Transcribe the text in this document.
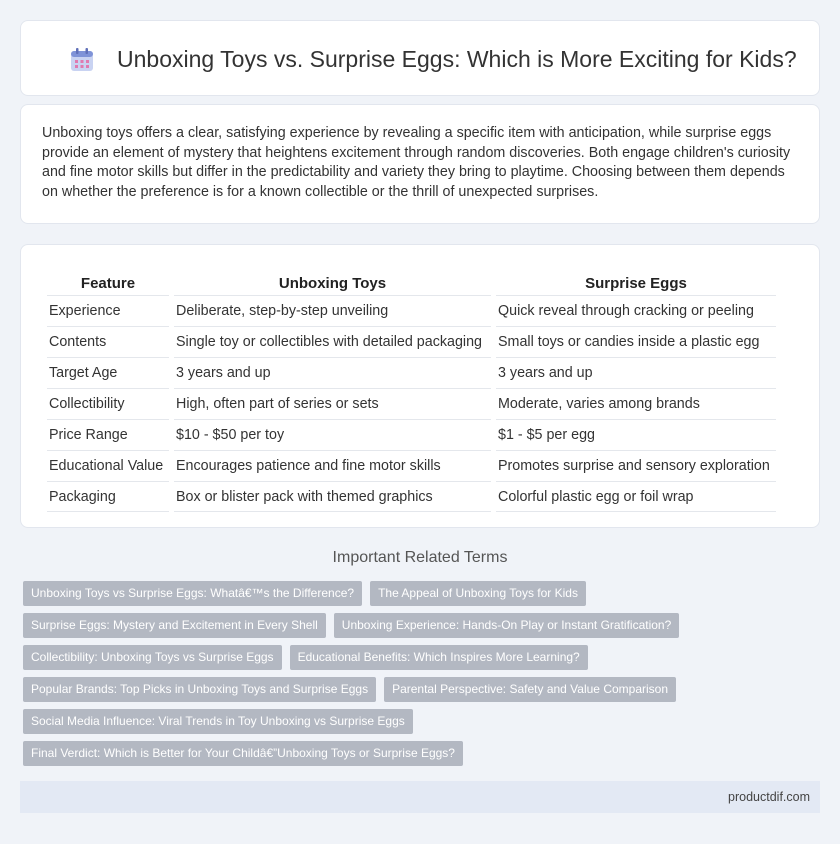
Unboxing Toys vs. Surprise Eggs: Which is More Exciting for Kids?

Unboxing toys offers a clear, satisfying experience by revealing a specific item with anticipation, while surprise eggs provide an element of mystery that heightens excitement through random discoveries. Both engage children's curiosity and fine motor skills but differ in the predictability and variety they bring to playtime. Choosing between them depends on whether the preference is for a known collectible or the thrill of unexpected surprises.

Feature	Unboxing Toys	Surprise Eggs
Experience	Deliberate, step-by-step unveiling	Quick reveal through cracking or peeling
Contents	Single toy or collectibles with detailed packaging	Small toys or candies inside a plastic egg
Target Age	3 years and up	3 years and up
Collectibility	High, often part of series or sets	Moderate, varies among brands
Price Range	$10 - $50 per toy	$1 - $5 per egg
Educational Value	Encourages patience and fine motor skills	Promotes surprise and sensory exploration
Packaging	Box or blister pack with themed graphics	Colorful plastic egg or foil wrap
Important Related Terms
Unboxing Toys vs Surprise Eggs: Whatâ€™s the Difference?	The Appeal of Unboxing Toys for Kids
Surprise Eggs: Mystery and Excitement in Every Shell	Unboxing Experience: Hands-On Play or Instant Gratification?
Collectibility: Unboxing Toys vs Surprise Eggs	Educational Benefits: Which Inspires More Learning?
Popular Brands: Top Picks in Unboxing Toys and Surprise Eggs	Parental Perspective: Safety and Value Comparison
Social Media Influence: Viral Trends in Toy Unboxing vs Surprise Eggs
Final Verdict: Which is Better for Your Childâ€”Unboxing Toys or Surprise Eggs?
productdif.com
